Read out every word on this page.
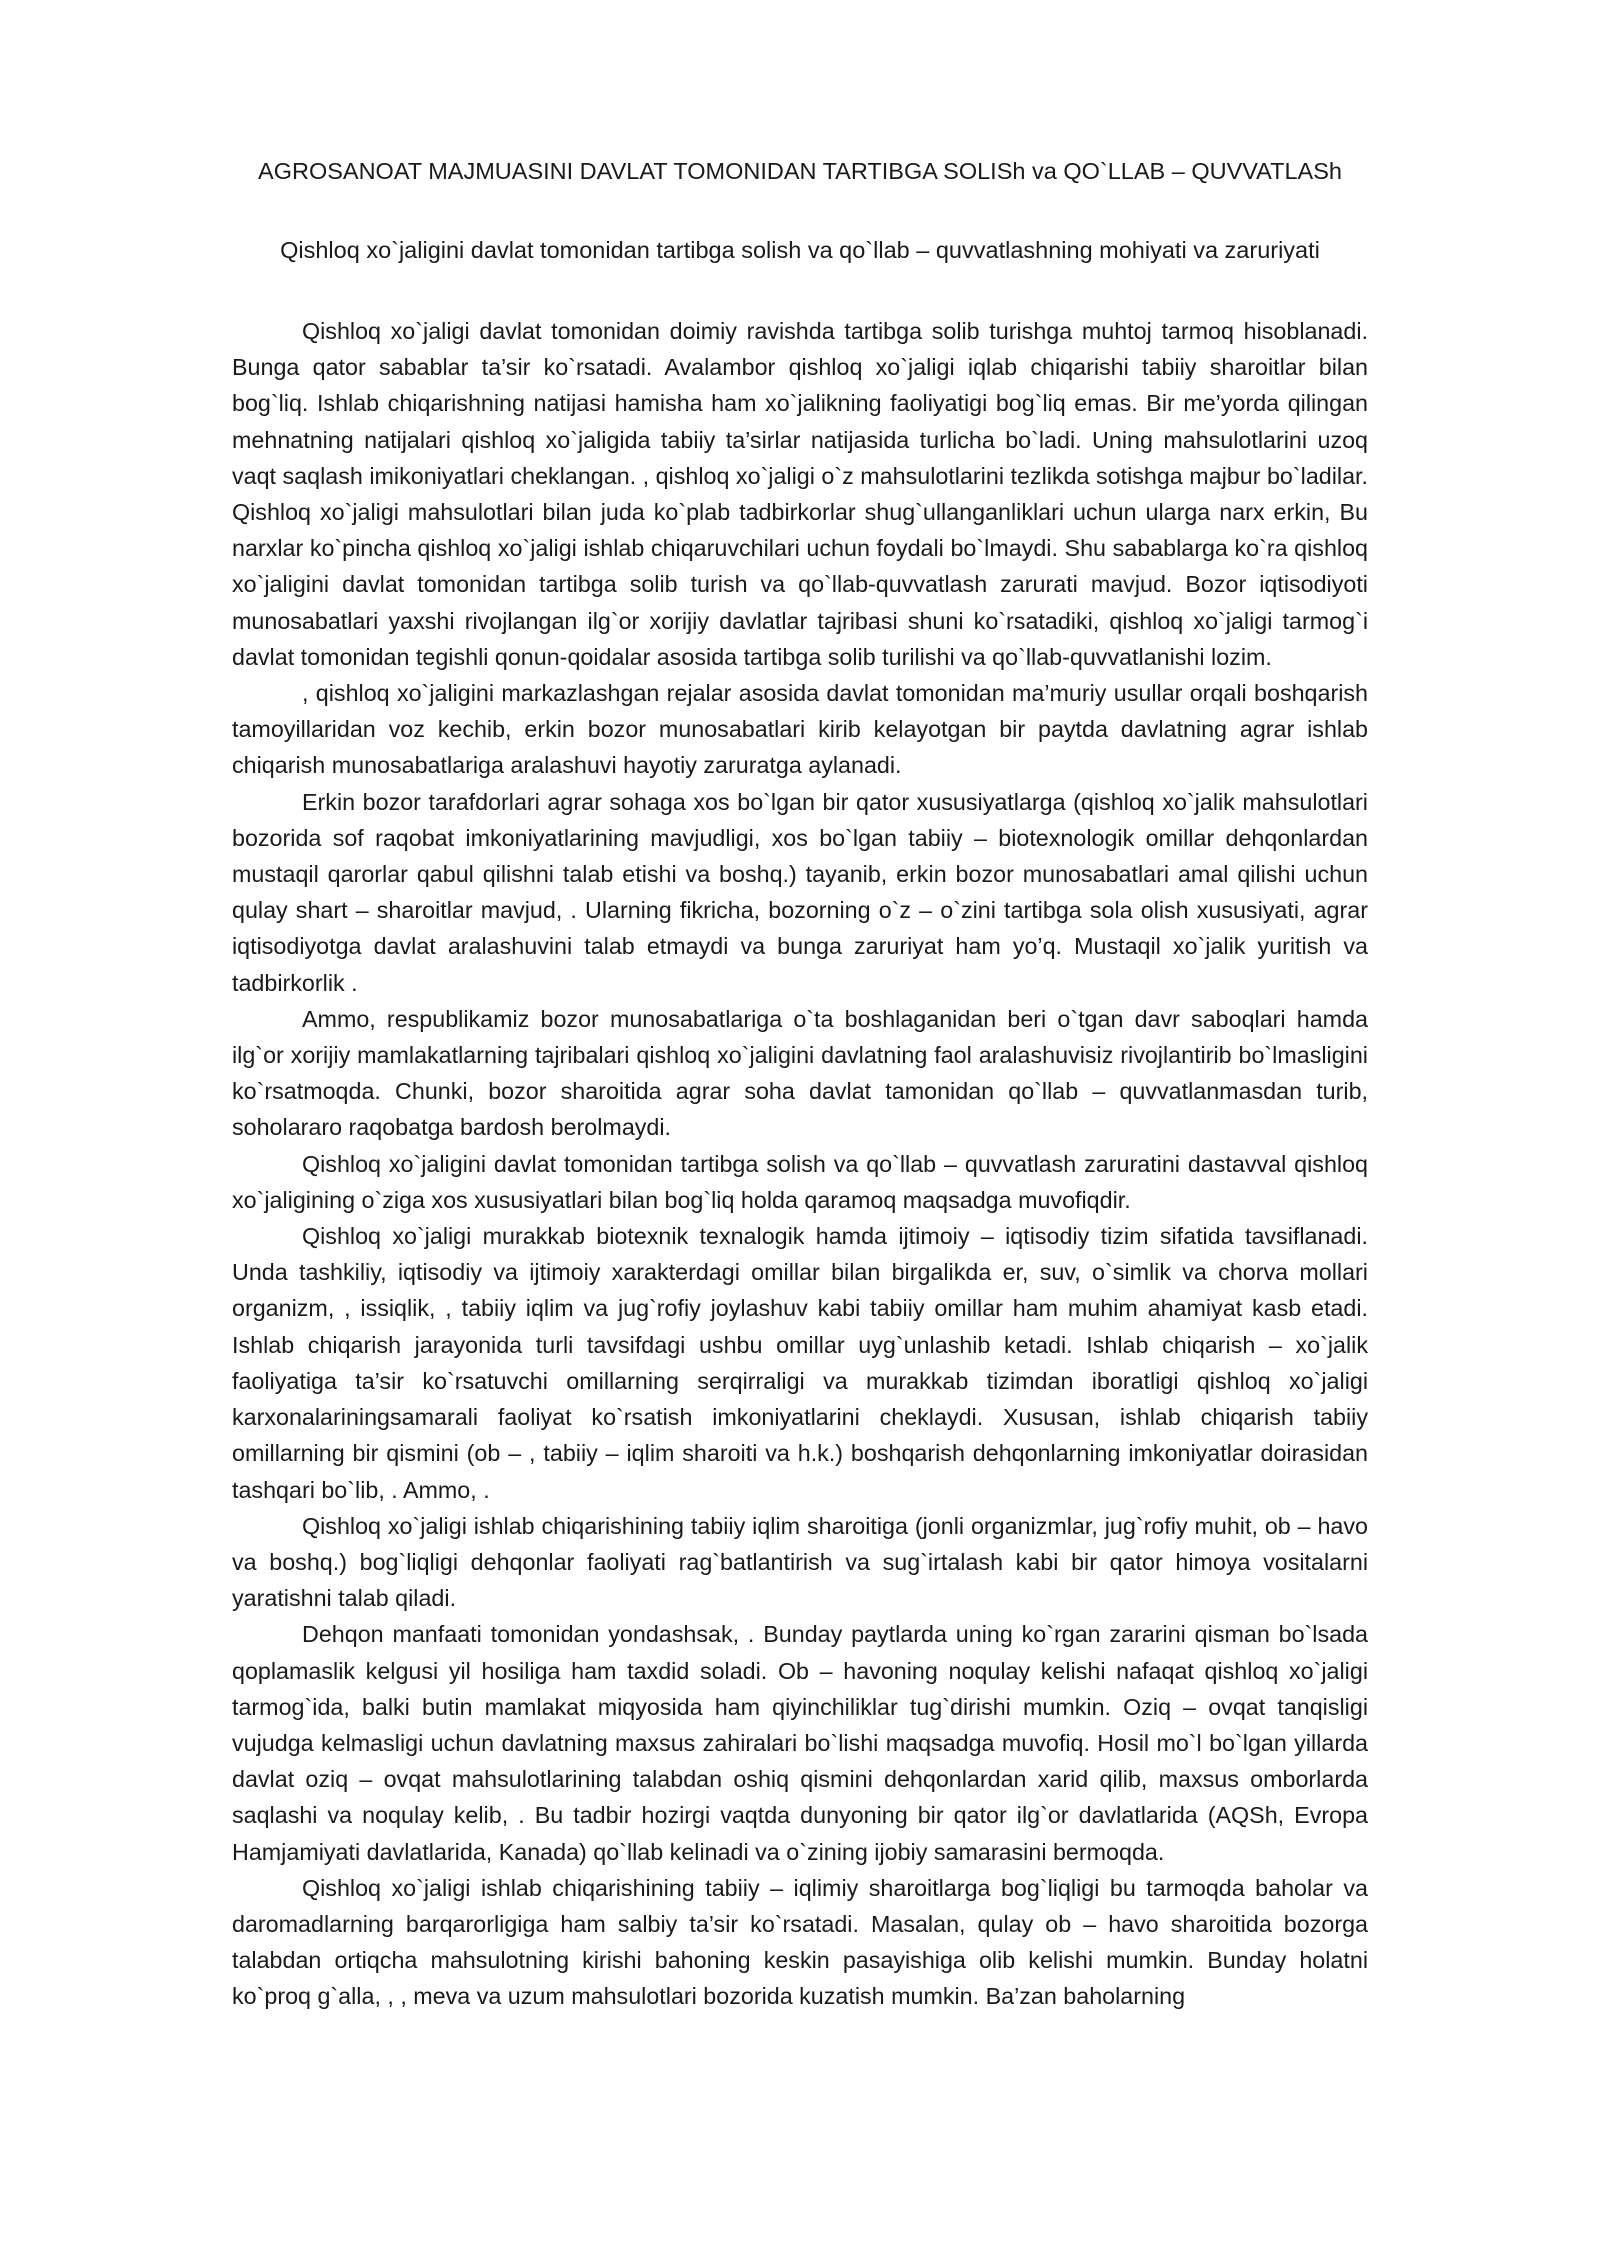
AGROSANOAT MAJMUASINI DAVLAT TOMONIDAN TARTIBGA SOLISh va QO`LLAB – QUVVATLASh
Qishloq xo`jaligini davlat tomonidan tartibga solish va qo`llab – quvvatlashning mohiyati va zaruriyati

Qishloq xo`jaligi davlat tomonidan doimiy ravishda tartibga solib turishga muhtoj tarmoq hisoblanadi. Bunga qator sabablar ta’sir ko`rsatadi. Avalambor qishloq xo`jaligi iqlab chiqarishi tabiiy sharoitlar bilan bog`liq. Ishlab chiqarishning natijasi hamisha ham xo`jalikning faoliyatigi bog`liq emas. Bir me’yorda qilingan mehnatning natijalari qishloq xo`jaligida tabiiy ta’sirlar natijasida turlicha bo`ladi. Uning mahsulotlarini uzoq vaqt saqlash imikoniyatlari cheklangan. , qishloq xo`jaligi o`z mahsulotlarini tezlikda sotishga majbur bo`ladilar. Qishloq xo`jaligi mahsulotlari bilan juda ko`plab tadbirkorlar shug`ullanganliklari uchun ularga narx erkin, Bu narxlar ko`pincha qishloq xo`jaligi ishlab chiqaruvchilari uchun foydali bo`lmaydi. Shu sabablarga ko`ra qishloq xo`jaligini davlat tomonidan tartibga solib turish va qo`llab-quvvatlash zarurati mavjud. Bozor iqtisodiyoti munosabatlari yaxshi rivojlangan ilg`or xorijiy davlatlar tajribasi shuni ko`rsatadiki, qishloq xo`jaligi tarmog`i davlat tomonidan tegishli qonun-qoidalar asosida tartibga solib turilishi va qo`llab-quvvatlanishi lozim.

, qishloq xo`jaligini markazlashgan rejalar asosida davlat tomonidan ma’muriy usullar orqali boshqarish tamoyillaridan voz kechib, erkin bozor munosabatlari kirib kelayotgan bir paytda davlatning agrar ishlab chiqarish munosabatlariga aralashuvi hayotiy zaruratga aylanadi.

Erkin bozor tarafdorlari agrar sohaga xos bo`lgan bir qator xususiyatlarga (qishloq xo`jalik mahsulotlari bozorida sof raqobat imkoniyatlarining mavjudligi, xos bo`lgan tabiiy – biotexnologik omillar dehqonlardan mustaqil qarorlar qabul qilishni talab etishi va boshq.) tayanib, erkin bozor munosabatlari amal qilishi uchun qulay shart – sharoitlar mavjud, . Ularning fikricha, bozorning o`z – o`zini tartibga sola olish xususiyati, agrar iqtisodiyotga davlat aralashuvini talab etmaydi va bunga zaruriyat ham yo’q. Mustaqil xo`jalik yuritish va tadbirkorlik .

Ammo, respublikamiz bozor munosabatlariga o`ta boshlaganidan beri o`tgan davr saboqlari hamda ilg`or xorijiy mamlakatlarning tajribalari qishloq xo`jaligini davlatning faol aralashuvisiz rivojlantirib bo`lmasligini ko`rsatmoqda. Chunki, bozor sharoitida agrar soha davlat tamonidan qo`llab – quvvatlanmasdan turib, soholararo raqobatga bardosh berolmaydi.

Qishloq xo`jaligini davlat tomonidan tartibga solish va qo`llab – quvvatlash zaruratini dastavval qishloq xo`jaligining o`ziga xos xususiyatlari bilan bog`liq holda qaramoq maqsadga muvofiqdir.

Qishloq xo`jaligi murakkab biotexnik texnalogik hamda ijtimoiy – iqtisodiy tizim sifatida tavsiflanadi. Unda tashkiliy, iqtisodiy va ijtimoiy xarakterdagi omillar bilan birgalikda er, suv, o`simlik va chorva mollari organizm, , issiqlik, , tabiiy iqlim va jug`rofiy joylashuv kabi tabiiy omillar ham muhim ahamiyat kasb etadi. Ishlab chiqarish jarayonida turli tavsifdagi ushbu omillar uyg`unlashib ketadi. Ishlab chiqarish – xo`jalik faoliyatiga ta’sir ko`rsatuvchi omillarning serqirraligi va murakkab tizimdan iboratligi qishloq xo`jaligi karxonalariningsamarali faoliyat ko`rsatish imkoniyatlarini cheklaydi. Xususan, ishlab chiqarish tabiiy omillarning bir qismini (ob – , tabiiy – iqlim sharoiti va h.k.) boshqarish dehqonlarning imkoniyatlar doirasidan tashqari bo`lib, . Ammo, .

Qishloq xo`jaligi ishlab chiqarishining tabiiy iqlim sharoitiga (jonli organizmlar, jug`rofiy muhit, ob – havo va boshq.) bog`liqligi dehqonlar faoliyati rag`batlantirish va sug`irtalash kabi bir qator himoya vositalarni yaratishni talab qiladi.

Dehqon manfaati tomonidan yondashsak, . Bunday paytlarda uning ko`rgan zararini qisman bo`lsada qoplamaslik kelgusi yil hosiliga ham taxdid soladi. Ob – havoning noqulay kelishi nafaqat qishloq xo`jaligi tarmog`ida, balki butin mamlakat miqyosida ham qiyinchiliklar tug`dirishi mumkin. Oziq – ovqat tanqisligi vujudga kelmasligi uchun davlatning maxsus zahiralari bo`lishi maqsadga muvofiq. Hosil mo`l bo`lgan yillarda davlat oziq – ovqat mahsulotlarining talabdan oshiq qismini dehqonlardan xarid qilib, maxsus omborlarda saqlashi va noqulay kelib, . Bu tadbir hozirgi vaqtda dunyoning bir qator ilg`or davlatlarida (AQSh, Evropa Hamjamiyati davlatlarida, Kanada) qo`llab kelinadi va o`zining ijobiy samarasini bermoqda.

Qishloq xo`jaligi ishlab chiqarishining tabiiy – iqlimiy sharoitlarga bog`liqligi bu tarmoqda baholar va daromadlarning barqarorligiga ham salbiy ta’sir ko`rsatadi. Masalan, qulay ob – havo sharoitida bozorga talabdan ortiqcha mahsulotning kirishi bahoning keskin pasayishiga olib kelishi mumkin. Bunday holatni ko`proq g`alla, , , meva va uzum mahsulotlari bozorida kuzatish mumkin. Ba’zan baholarning
